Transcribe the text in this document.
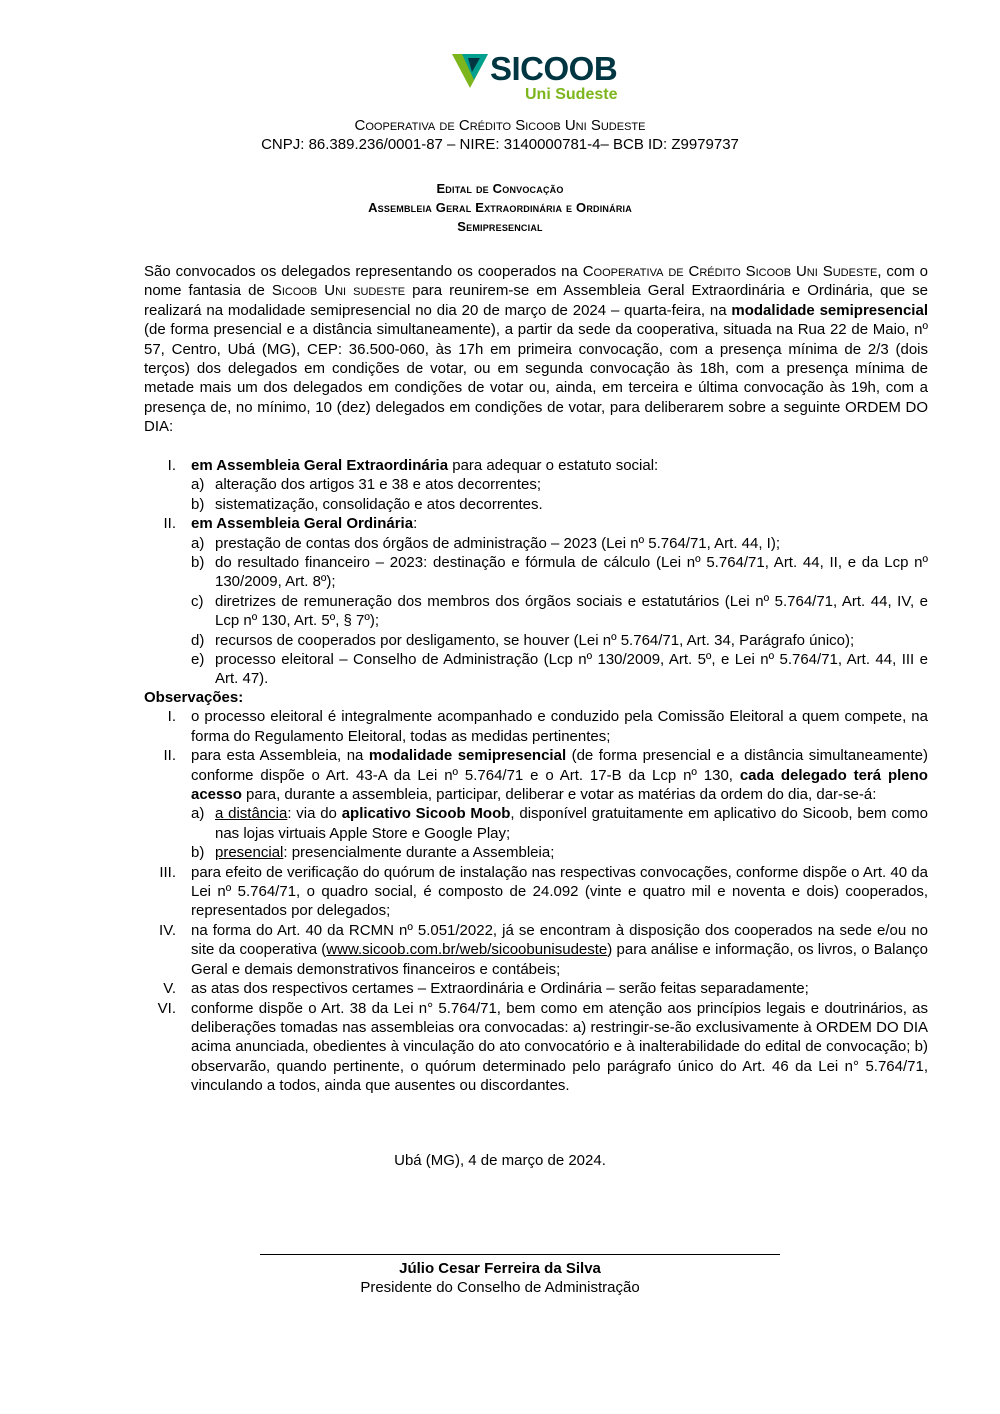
SICOOB
Uni Sudeste
Cooperativa de Crédito Sicoob Uni Sudeste
CNPJ: 86.389.236/0001-87 – NIRE: 3140000781-4– BCB ID: Z9979737
Edital de Convocação
Assembleia Geral Extraordinária e Ordinária
Semipresencial

São convocados os delegados representando os cooperados na Cooperativa de Crédito Sicoob Uni Sudeste, com o nome fantasia de Sicoob Uni sudeste para reunirem-se em Assembleia Geral Extraordinária e Ordinária, que se realizará na modalidade semipresencial no dia 20 de março de 2024 – quarta-feira, na modalidade semipresencial (de forma presencial e a distância simultaneamente), a partir da sede da cooperativa, situada na Rua 22 de Maio, nº 57, Centro, Ubá (MG), CEP: 36.500-060, às 17h em primeira convocação, com a presença mínima de 2/3 (dois terços) dos delegados em condições de votar, ou em segunda convocação às 18h, com a presença mínima de metade mais um dos delegados em condições de votar ou, ainda, em terceira e última convocação às 19h, com a presença de, no mínimo, 10 (dez) delegados em condições de votar, para deliberarem sobre a seguinte ORDEM DO DIA:

I. em Assembleia Geral Extraordinária para adequar o estatuto social:
a) alteração dos artigos 31 e 38 e atos decorrentes;
b) sistematização, consolidação e atos decorrentes.
II. em Assembleia Geral Ordinária:
a) prestação de contas dos órgãos de administração – 2023 (Lei nº 5.764/71, Art. 44, I);
b) do resultado financeiro – 2023: destinação e fórmula de cálculo (Lei nº 5.764/71, Art. 44, II, e da Lcp nº 130/2009, Art. 8º);
c) diretrizes de remuneração dos membros dos órgãos sociais e estatutários (Lei nº 5.764/71, Art. 44, IV, e Lcp nº 130, Art. 5º, § 7º);
d) recursos de cooperados por desligamento, se houver (Lei nº 5.764/71, Art. 34, Parágrafo único);
e) processo eleitoral – Conselho de Administração (Lcp nº 130/2009, Art. 5º, e Lei nº 5.764/71, Art. 44, III e Art. 47).
Observações:
I. o processo eleitoral é integralmente acompanhado e conduzido pela Comissão Eleitoral a quem compete, na forma do Regulamento Eleitoral, todas as medidas pertinentes;
II. para esta Assembleia, na modalidade semipresencial (de forma presencial e a distância simultaneamente) conforme dispõe o Art. 43-A da Lei nº 5.764/71 e o Art. 17-B da Lcp nº 130, cada delegado terá pleno acesso para, durante a assembleia, participar, deliberar e votar as matérias da ordem do dia, dar-se-á:
a) a distância: via do aplicativo Sicoob Moob, disponível gratuitamente em aplicativo do Sicoob, bem como nas lojas virtuais Apple Store e Google Play;
b) presencial: presencialmente durante a Assembleia;
III. para efeito de verificação do quórum de instalação nas respectivas convocações, conforme dispõe o Art. 40 da Lei nº 5.764/71, o quadro social, é composto de 24.092 (vinte e quatro mil e noventa e dois) cooperados, representados por delegados;
IV. na forma do Art. 40 da RCMN nº 5.051/2022, já se encontram à disposição dos cooperados na sede e/ou no site da cooperativa (www.sicoob.com.br/web/sicoobunisudeste) para análise e informação, os livros, o Balanço Geral e demais demonstrativos financeiros e contábeis;
V. as atas dos respectivos certames – Extraordinária e Ordinária – serão feitas separadamente;
VI. conforme dispõe o Art. 38 da Lei n° 5.764/71, bem como em atenção aos princípios legais e doutrinários, as deliberações tomadas nas assembleias ora convocadas: a) restringir-se-ão exclusivamente à ORDEM DO DIA acima anunciada, obedientes à vinculação do ato convocatório e à inalterabilidade do edital de convocação; b) observarão, quando pertinente, o quórum determinado pelo parágrafo único do Art. 46 da Lei n° 5.764/71, vinculando a todos, ainda que ausentes ou discordantes.
Ubá (MG), 4 de março de 2024.
Júlio Cesar Ferreira da Silva
Presidente do Conselho de Administração
